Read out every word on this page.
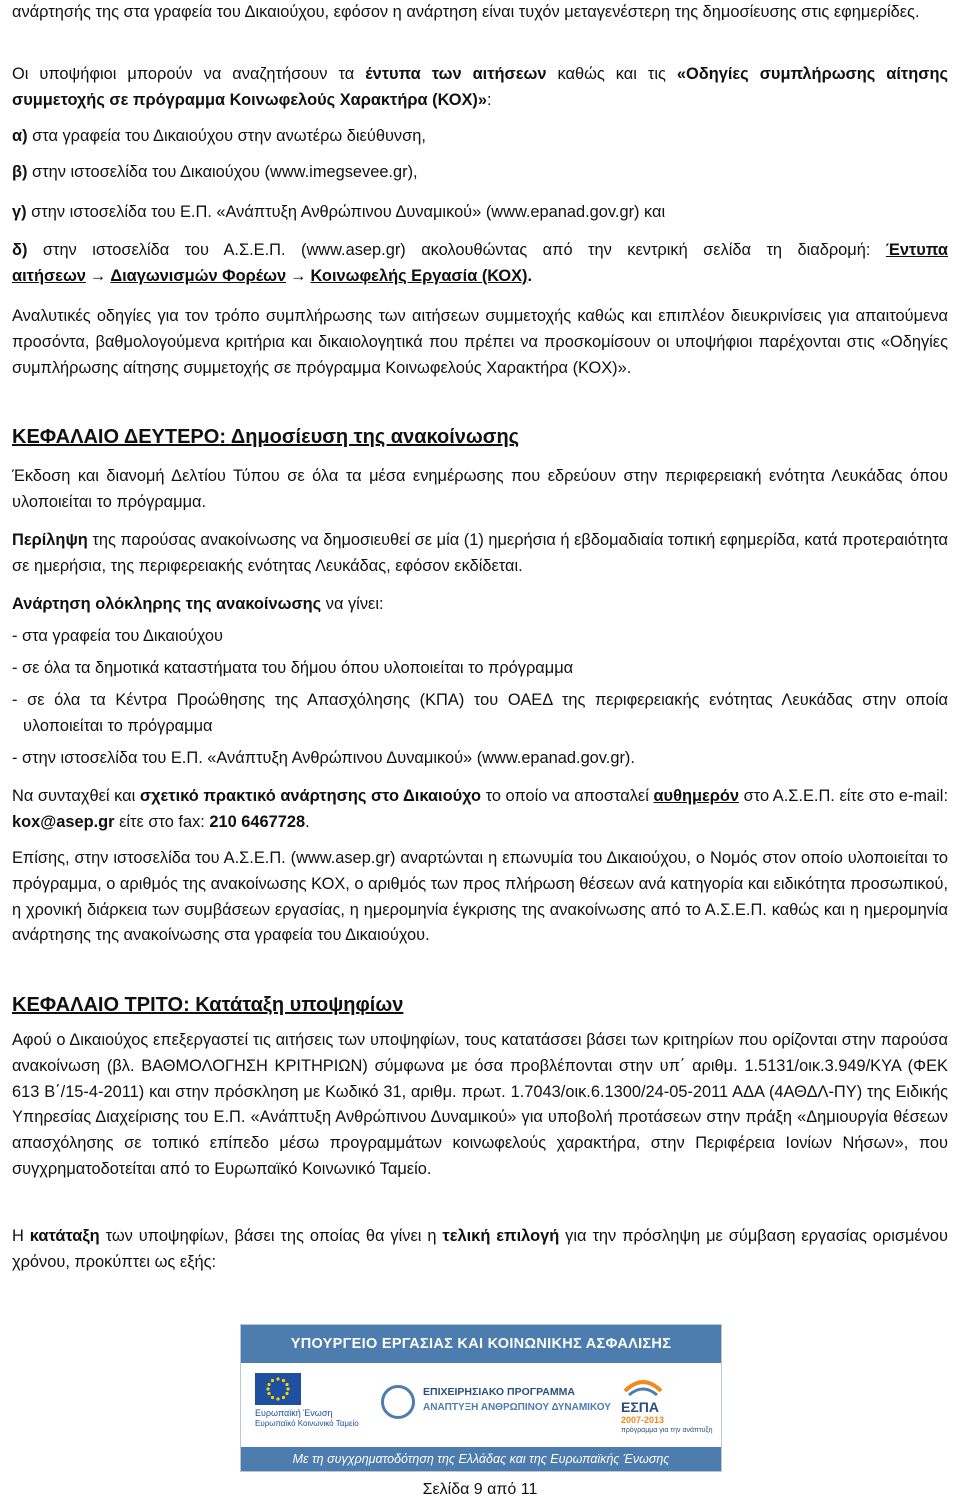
ανάρτησής της στα γραφεία του Δικαιούχου, εφόσον η ανάρτηση είναι τυχόν μεταγενέστερη της δημοσίευσης στις εφημερίδες.

Οι υποψήφιοι μπορούν να αναζητήσουν τα έντυπα των αιτήσεων καθώς και τις «Οδηγίες συμπλήρωσης αίτησης συμμετοχής σε πρόγραμμα Κοινωφελούς Χαρακτήρα (ΚΟΧ)»:

α) στα γραφεία του Δικαιούχου στην ανωτέρω διεύθυνση,

β) στην ιστοσελίδα του Δικαιούχου (www.imegsevee.gr),

γ) στην ιστοσελίδα του Ε.Π. «Ανάπτυξη Ανθρώπινου Δυναμικού» (www.epanad.gov.gr) και

δ) στην ιστοσελίδα του Α.Σ.Ε.Π. (www.asep.gr) ακολουθώντας από την κεντρική σελίδα τη διαδρομή: Έντυπα αιτήσεων → Διαγωνισμών Φορέων → Κοινωφελής Εργασία (ΚΟΧ).

Αναλυτικές οδηγίες για τον τρόπο συμπλήρωσης των αιτήσεων συμμετοχής καθώς και επιπλέον διευκρινίσεις για απαιτούμενα προσόντα, βαθμολογούμενα κριτήρια και δικαιολογητικά που πρέπει να προσκομίσουν οι υποψήφιοι παρέχονται στις «Οδηγίες συμπλήρωσης αίτησης συμμετοχής σε πρόγραμμα Κοινωφελούς Χαρακτήρα (ΚΟΧ)».

ΚΕΦΑΛΑΙΟ ΔΕΥΤΕΡΟ: Δημοσίευση της ανακοίνωσης

Έκδοση και διανομή Δελτίου Τύπου σε όλα τα μέσα ενημέρωσης που εδρεύουν στην περιφερειακή ενότητα Λευκάδας όπου υλοποιείται το πρόγραμμα.

Περίληψη της παρούσας ανακοίνωσης να δημοσιευθεί σε μία (1) ημερήσια ή εβδομαδιαία τοπική εφημερίδα, κατά προτεραιότητα σε ημερήσια, της περιφερειακής ενότητας Λευκάδας, εφόσον εκδίδεται.

Ανάρτηση ολόκληρης της ανακοίνωσης να γίνει:

- στα γραφεία του Δικαιούχου

- σε όλα τα δημοτικά καταστήματα του δήμου όπου υλοποιείται το πρόγραμμα

- σε όλα τα Κέντρα Προώθησης της Απασχόλησης (ΚΠΑ) του ΟΑΕΔ της περιφερειακής ενότητας Λευκάδας στην οποία υλοποιείται το πρόγραμμα

- στην ιστοσελίδα του Ε.Π. «Ανάπτυξη Ανθρώπινου Δυναμικού» (www.epanad.gov.gr).

Να συνταχθεί και σχετικό πρακτικό ανάρτησης στο Δικαιούχο το οποίο να αποσταλεί αυθημερόν στο Α.Σ.Ε.Π. είτε στο e-mail: kox@asep.gr είτε στο fax: 210 6467728.

Επίσης, στην ιστοσελίδα του Α.Σ.Ε.Π. (www.asep.gr) αναρτώνται η επωνυμία του Δικαιούχου, ο Νομός στον οποίο υλοποιείται το πρόγραμμα, ο αριθμός της ανακοίνωσης ΚΟΧ, ο αριθμός των προς πλήρωση θέσεων ανά κατηγορία και ειδικότητα προσωπικού, η χρονική διάρκεια των συμβάσεων εργασίας, η ημερομηνία έγκρισης της ανακοίνωσης από το Α.Σ.Ε.Π. καθώς και η ημερομηνία ανάρτησης της ανακοίνωσης στα γραφεία του Δικαιούχου.

ΚΕΦΑΛΑΙΟ ΤΡΙΤΟ: Κατάταξη υποψηφίων

Αφού ο Δικαιούχος επεξεργαστεί τις αιτήσεις των υποψηφίων, τους κατατάσσει βάσει των κριτηρίων που ορίζονται στην παρούσα ανακοίνωση (βλ. ΒΑΘΜΟΛΟΓΗΣΗ ΚΡΙΤΗΡΙΩΝ) σύμφωνα με όσα προβλέπονται στην υπ΄ αριθμ. 1.5131/οικ.3.949/ΚΥΑ (ΦΕΚ 613 Β΄/15-4-2011) και στην πρόσκληση με Κωδικό 31, αριθμ. πρωτ. 1.7043/οικ.6.1300/24-05-2011 ΑΔΑ (4ΑΘΔΛ-ΠΥ) της Ειδικής Υπηρεσίας Διαχείρισης του Ε.Π. «Ανάπτυξη Ανθρώπινου Δυναμικού» για υποβολή προτάσεων στην πράξη «Δημιουργία θέσεων απασχόλησης σε τοπικό επίπεδο μέσω προγραμμάτων κοινωφελούς χαρακτήρα, στην Περιφέρεια Ιονίων Νήσων», που συγχρηματοδοτείται από το Ευρωπαϊκό Κοινωνικό Ταμείο.

Η κατάταξη των υποψηφίων, βάσει της οποίας θα γίνει η τελική επιλογή για την πρόσληψη με σύμβαση εργασίας ορισμένου χρόνου, προκύπτει ως εξής:

ΥΠΟΥΡΓΕΙΟ ΕΡΓΑΣΙΑΣ ΚΑΙ ΚΟΙΝΩΝΙΚΗΣ ΑΣΦΑΛΙΣΗΣ
Ευρωπαϊκή Ένωση
Ευρωπαϊκό Κοινωνικό Ταμείο
ΕΠΙΧΕΙΡΗΣΙΑΚΟ ΠΡΟΓΡΑΜΜΑ
ΑΝΑΠΤΥΞΗ ΑΝΘΡΩΠΙΝΟΥ ΔΥΝΑΜΙΚΟΥ ΕΣΠΑ
2007-2013
πρόγραμμα για την ανάπτυξη
Με τη συγχρηματοδότηση της Ελλάδας και της Ευρωπαϊκής Ένωσης
Σελίδα 9 από 11
